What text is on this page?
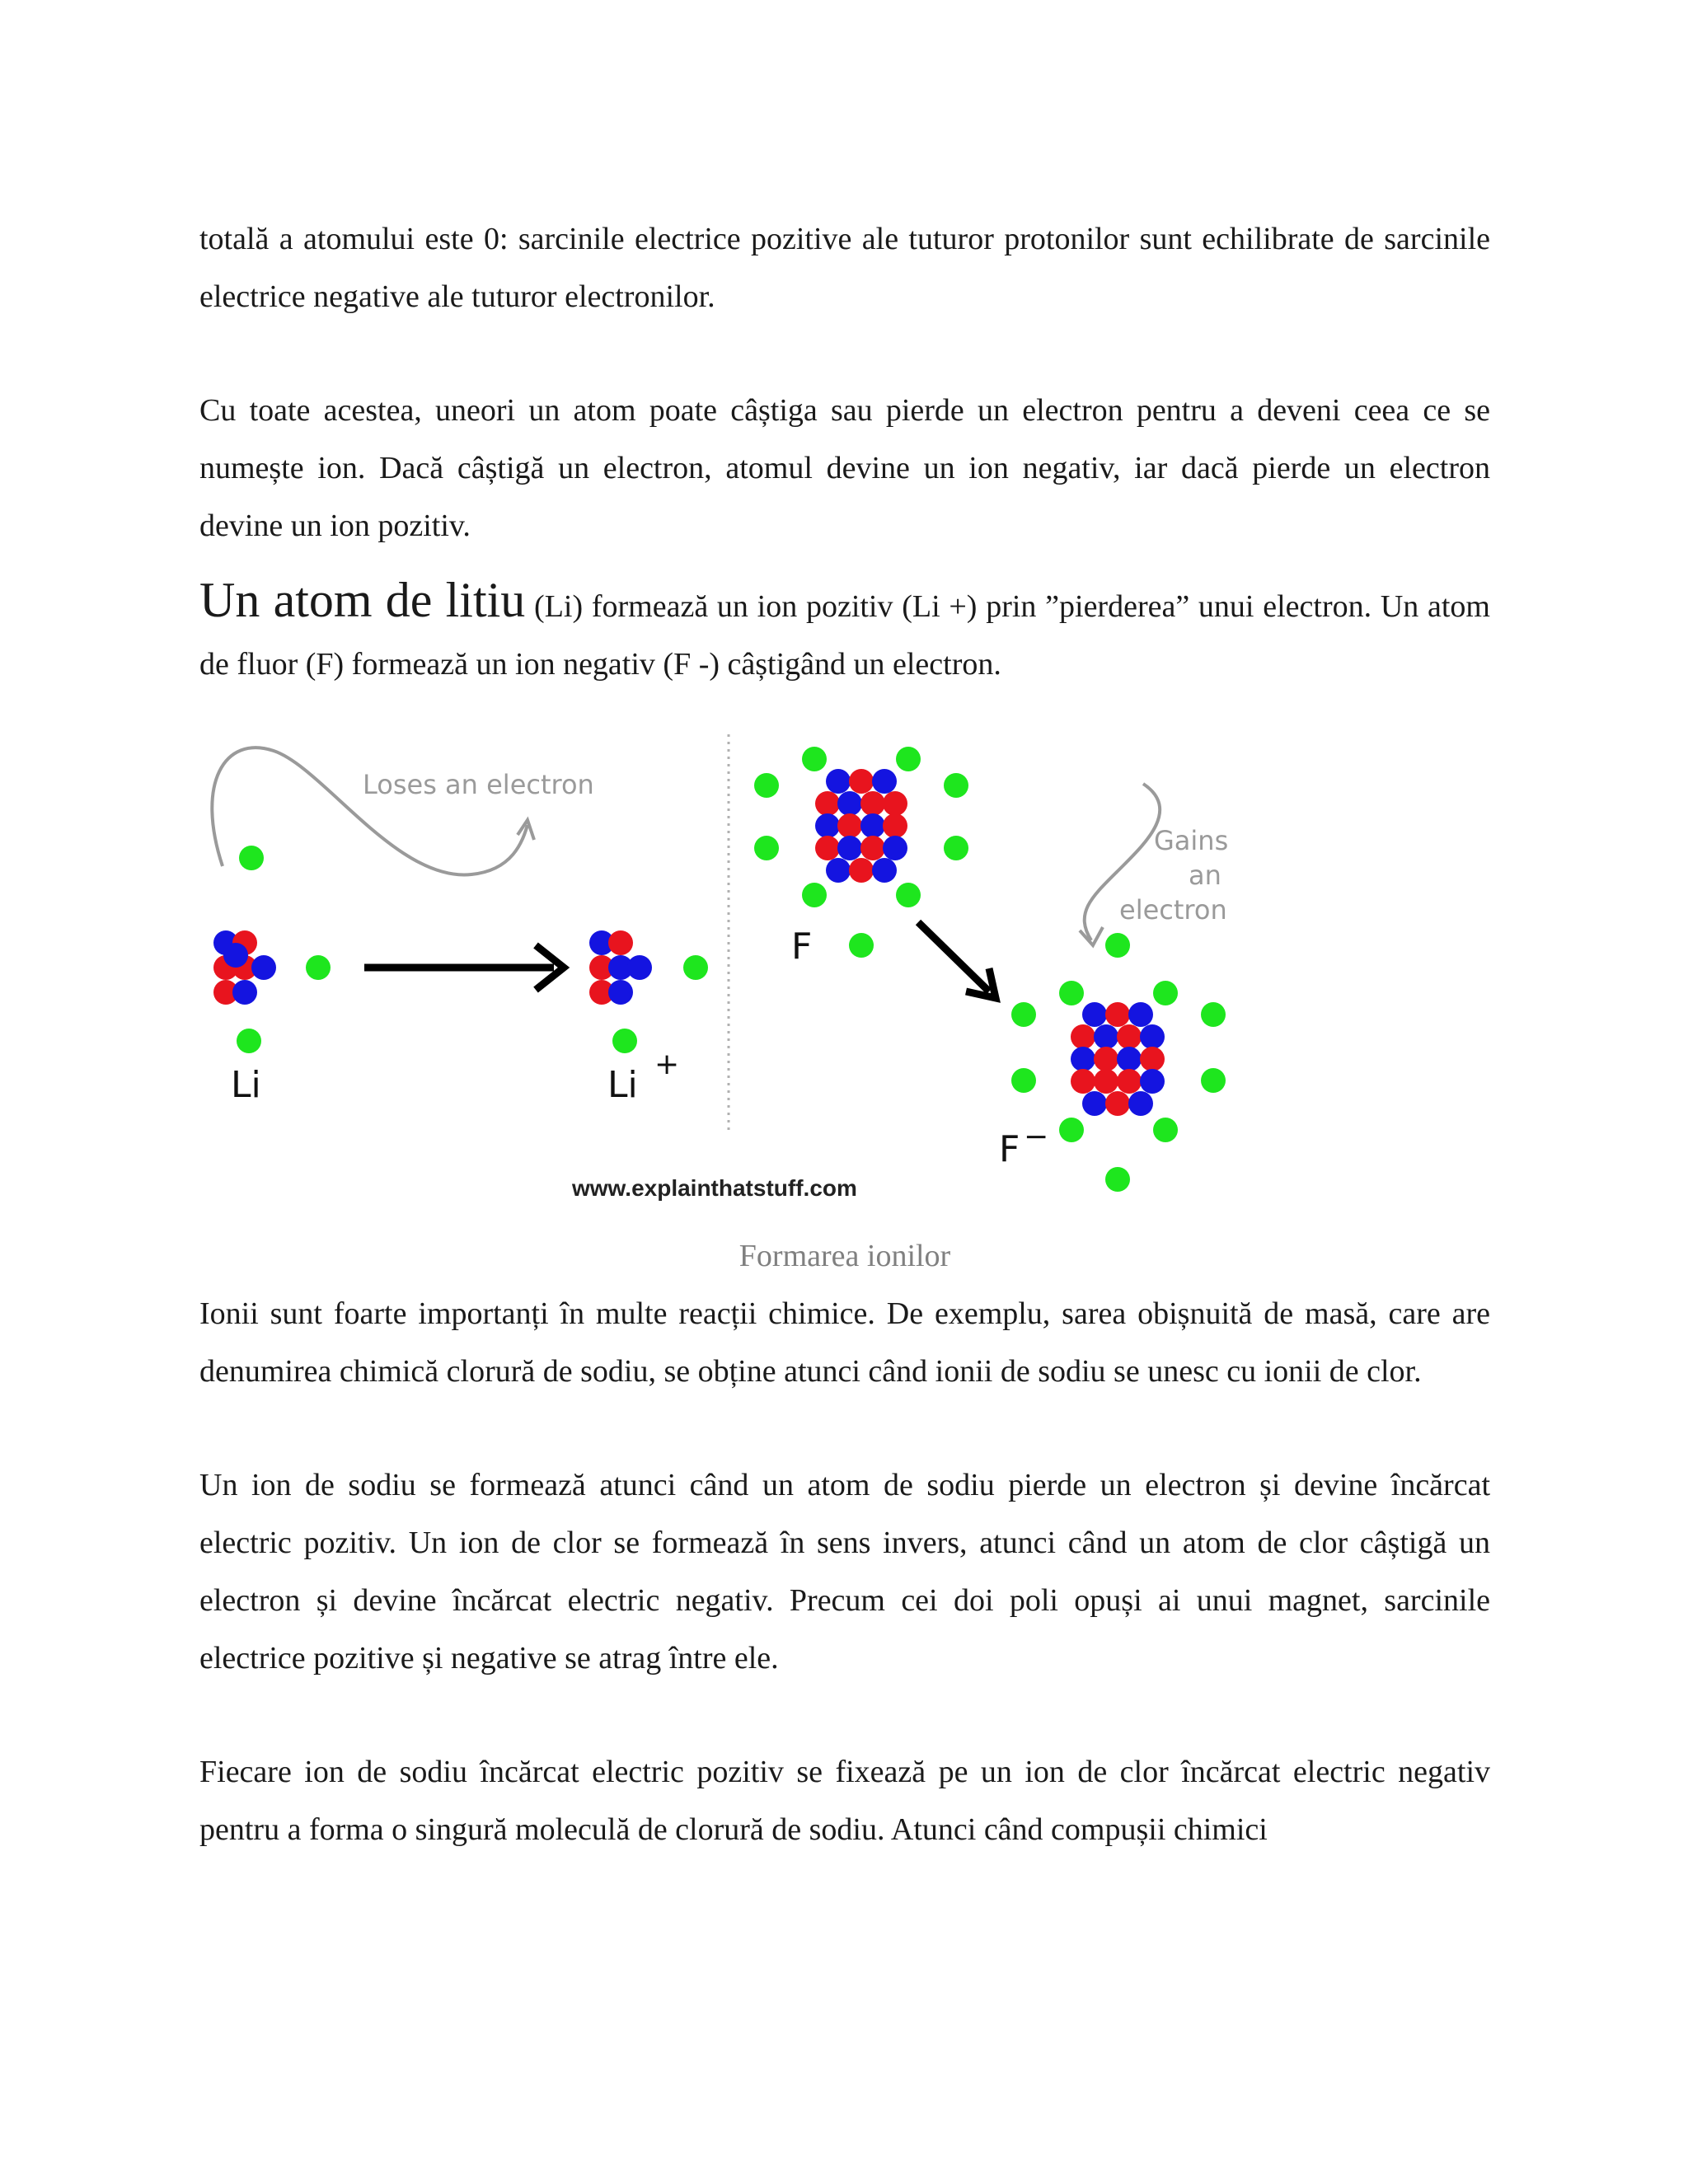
totală a atomului este 0: sarcinile electrice pozitive ale tuturor protonilor sunt echilibrate de sarcinile electrice negative ale tuturor electronilor.

Cu toate acestea, uneori un atom poate câștiga sau pierde un electron pentru a deveni ceea ce se numește ion. Dacă câștigă un electron, atomul devine un ion negativ, iar dacă pierde un electron devine un ion pozitiv.

Un atom de litiu (Li) formează un ion pozitiv (Li +) prin ”pierderea” unui electron. Un atom de fluor (F) formează un ion negativ (F -) câștigând un electron.

Loses an electron
Li	Li +
F
Gains
an
electron
F −
www.explainthatstuff.com
Formarea ionilor

Ionii sunt foarte importanți în multe reacții chimice. De exemplu, sarea obișnuită de masă, care are denumirea chimică clorură de sodiu, se obține atunci când ionii de sodiu se unesc cu ionii de clor.

Un ion de sodiu se formează atunci când un atom de sodiu pierde un electron și devine încărcat electric pozitiv. Un ion de clor se formează în sens invers, atunci când un atom de clor câștigă un electron și devine încărcat electric negativ. Precum cei doi poli opuși ai unui magnet, sarcinile electrice pozitive și negative se atrag între ele.

Fiecare ion de sodiu încărcat electric pozitiv se fixează pe un ion de clor încărcat electric negativ pentru a forma o singură moleculă de clorură de sodiu. Atunci când compușii chimici
